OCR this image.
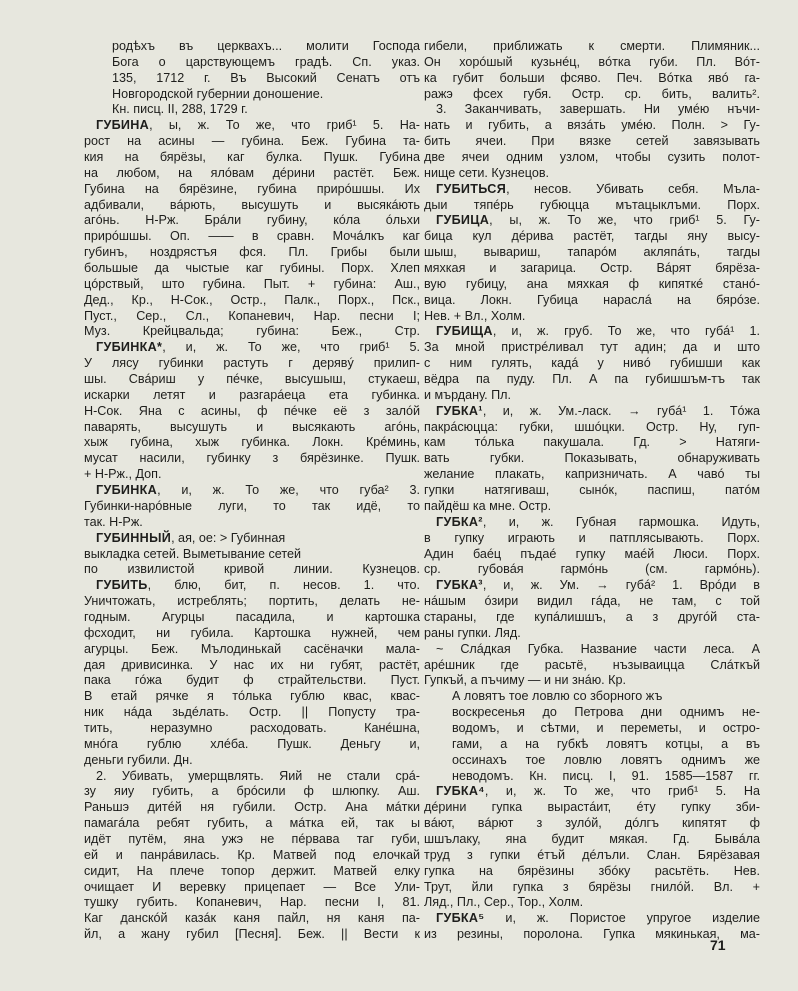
родѣхъ въ церквахъ... молити Господа
Бога о царствующемъ градѣ. Сп. указ.
135, 1712 г. Въ Высокий Сенатъ отъ
Новгородской губернии доношение.
Кн. писц. II, 288, 1729 г.
ГУБИНА, ы, ж. То же, что гриб¹ 5. На-
рост на асины — губина. Беж. Губина та-
кия на бярёзы, каг булка. Пушк. Губина
на любом, на ялóвам дéрини растёт. Беж.
Губина на бярёзине, губина прирóшшы. Их
адбивали, вáрють, высушуть и высякáють
агóнь. Н-Рж. Брáли губину, кóла óльхи
прирóшшы. Оп. —— в сравн. Мочáлкъ каг
губинъ, ноздрястъя фся. Пл. Грибы были
большые да чыстые каг губины. Порх. Хлеп
цóрствый, што губина. Пыт. + губина: Аш.,
Дед., Кр., Н-Сок., Остр., Палк., Порх., Пск.,
Пуст., Сер., Сл., Копаневич, Нар. песни I;
Муз. Крейцвальда; губина: Беж., Стр.
ГУБИНКА*, и, ж. То же, что гриб¹ 5.
У лясу губинки растуть г дерявý прилип-
шы. Свáриш у пéчке, высушыш, стукаеш,
искарки летят и разгарáеца ета губинка.
Н-Сок. Яна с асины, ф пéчке её з залóй
паварять, высушуть и высякають агóнь,
хыж губина, хыж губинка. Локн. Крéминь,
мусат насили, губинку з бярёзинке. Пушк.
+ Н-Рж., Доп.
ГУБИНКА, и, ж. То же, что губа² 3.
Губинки-нарóвные луги, то так идё, то
так. Н-Рж.
ГУБИННЫЙ, ая, ое: > Губинная
выкладка сетей. Выметывание сетей
по извилистой кривой линии. Кузнецов.
ГУБИТЬ, блю, бит, п. несов. 1. что.
Уничтожать, истреблять; портить, делать не-
годным. Агурцы пасадила, и картошка
фсходит, ни губила. Картошка нужней, чем
агурцы. Беж. Мълодинькай сасёначки мала-
дая дривисинка. У нас их ни губят, растёт,
пака гóжа будит ф страйтельстви. Пуст.
В етай рячке я тóлька гублю квас, квас-
ник нáда зьдéлать. Остр. || Попусту тра-
тить, неразумно расходовать. Канéшна,
мнóга гублю хлéба. Пушк. Деньгу и,
деньги губили. Дн.
2. Убивать, умерщвлять. Яий не стали срá-
зу яиу губить, а брóсили ф шлюпку. Аш.
Раньшэ дитéй ня губили. Остр. Ана мáтки
памагáла ребят губить, а мáтка ей, так ы
идёт путём, яна ужэ не пéрвава таг губи,
ей и панрáвилась. Кр. Матвей под елочкай
сидит, На плече топор держит. Матвей елку
очищает И веревку прицепает — Все Ули-
тушку губить. Копаневич, Нар. песни I, 81.
Каг данскóй казáк каня пайл, ня каня па-
йл, а жану губил [Песня]. Беж. || Вести к
гибели, приближать к смерти. Плимяник...
Он хорóшый кузьнéц, вóтка губи. Пл. Вóт-
ка губит больши фсяво. Печ. Вóтка явó га-
ражэ фсех губя. Остр. ср. бить, валить².
3. Заканчивать, завершать. Ни умéю нъчи-
нать и губить, а вязáть умéю. Полн. > Гу-
бить ячеи. При вязке сетей завязывать
две ячеи одним узлом, чтобы сузить полот-
нище сети. Кузнецов.
ГУБИТЬСЯ, несов. Убивать себя. Мъла-
дыи тяпéрь губюцца мътацыклъми. Порх.
ГУБИЦА, ы, ж. То же, что гриб¹ 5. Гу-
бица кул дéрива растёт, тагды яну высу-
шыш, вывариш, тапарóм акляпáть, тагды
мяхкая и загарица. Остр. Вáрят бярёза-
вую губицу, ана мяхкая ф кипяткé станó-
вица. Локн. Губица нараслá на бярóзе.
Нев. + Вл., Холм.
ГУБИЩА, и, ж. груб. То же, что губá¹ 1.
За мной пристрéливал тут адин; да и што
с ним гулять, кадá у нивó губишши как
вёдра па пуду. Пл. А па губишшъм-тъ так
и мърдану. Пл.
ГУБКА¹, и, ж. Ум.-ласк. → губá¹ 1. Тóжа
пакрáсюцца: губки, шшóцки. Остр. Ну, гуп-
кам тóлька пакушала. Гд. > Натяги-
вать губки. Показывать, обнаруживать
желание плакать, капризничать. А чавó ты
гупки натягиваш, сынóк, паспиш, патóм
пайдёш ка мне. Остр.
ГУБКА², и, ж. Губная гармошка. Идуть,
в гупку играють и патплясывають. Порх.
Адин баéц пъдаé гупку маéй Люси. Порх.
ср. губовáя гармóнь (см. гармóнь).
ГУБКА³, и, ж. Ум. → губá² 1. Врóди в
нáшым óзири видил гáда, не там, с той
стараны, где купáлишшъ, а з другóй ста-
раны гупки. Ляд.
~ Слáдкая Губка. Название части леса. А
арéшник где расьтё, нъзываицца Слáткъй
Гупкъй, а пъчиму — и ни знáю. Кр.
А ловятъ тое ловлю со зборного жъ
воскресенья до Петрова дни однимъ не-
водомъ, и сѣтми, и переметы, и остро-
гами, а на губкѣ ловятъ котцы, а въ
оссинахъ тое ловлю ловятъ однимъ же
неводомъ. Кн. писц. I, 91. 1585—1587 гг.
ГУБКА⁴, и, ж. То же, что гриб¹ 5. На
дéрини гупка вырастáит, éту гупку зби-
вáют, вáрют з зулóй, дóлгъ кипятят ф
шшълаку, яна будит мякая. Гд. Бывáла
труд з гупки éтъй дéлъли. Слан. Бярёзавая
гупка на бярёзины збóку расьтёть. Нев.
Трут, йли гупка з бярёзы гнилóй. Вл. +
Ляд., Пл., Сер., Тор., Холм.
ГУБКА⁵ и, ж. Пористое упругое изделие
из резины, поролона. Гупка мякинькая, ма-
71
